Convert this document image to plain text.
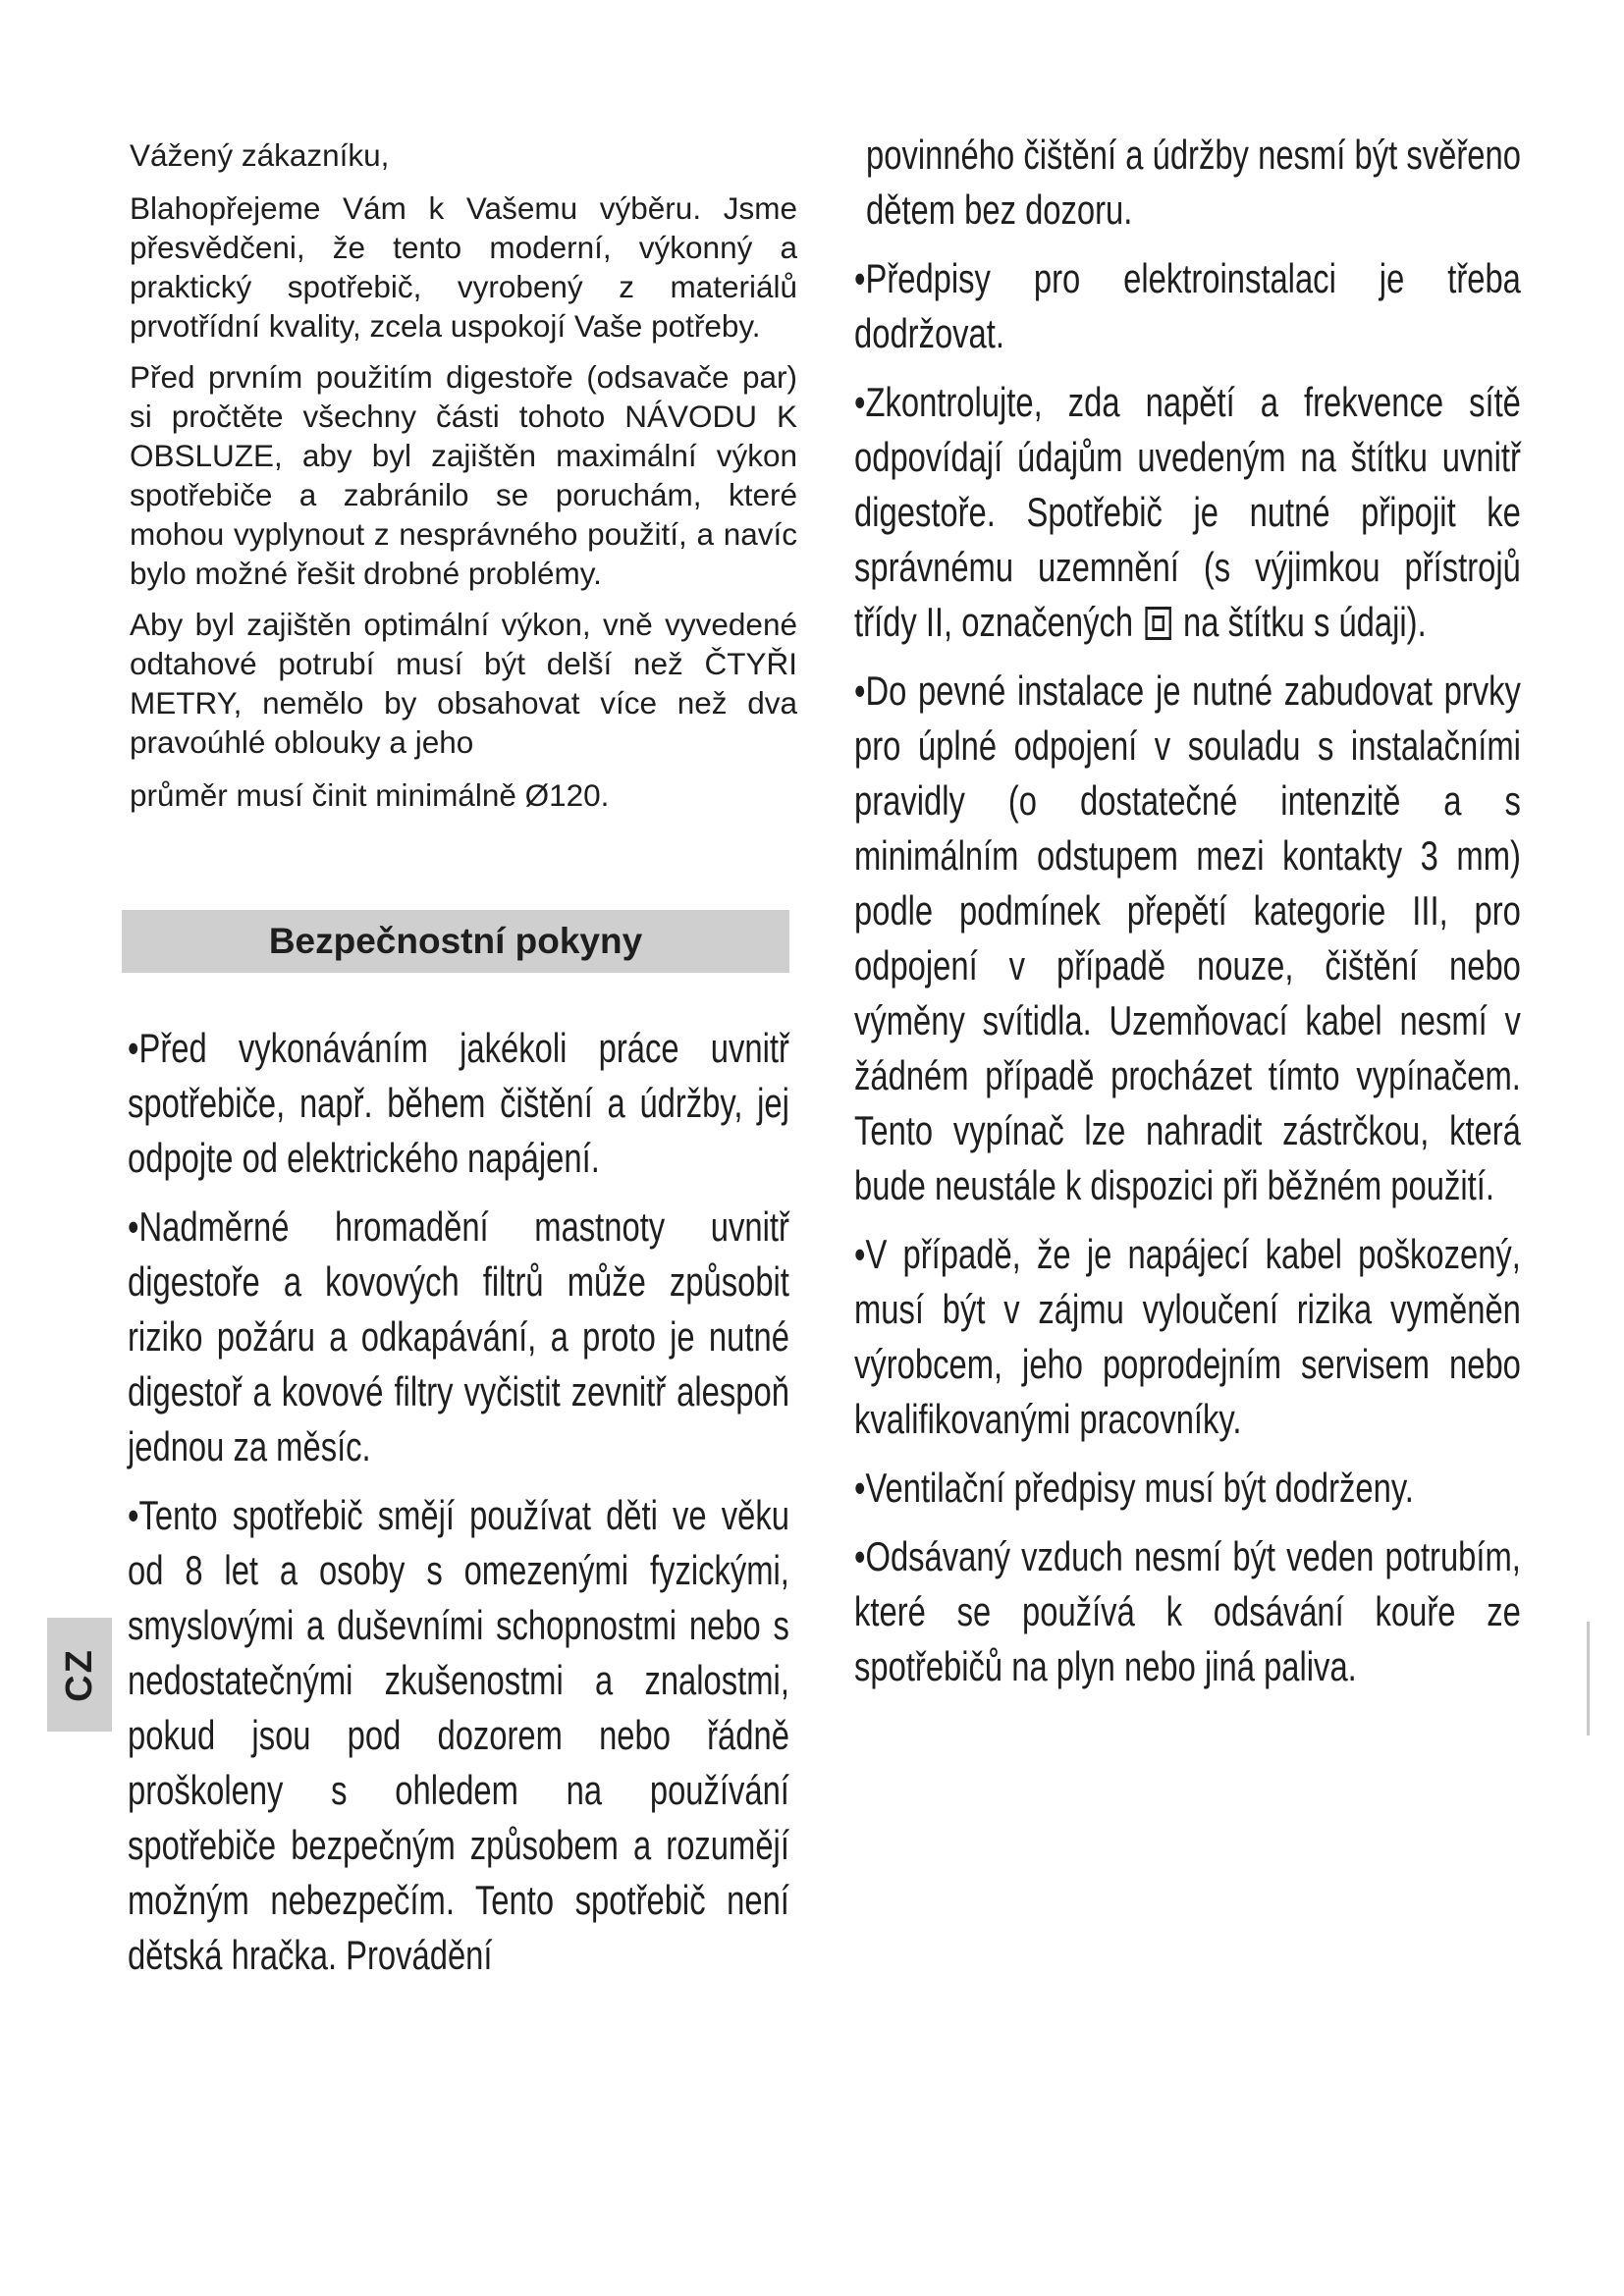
Vážený zákazníku,

Blahopřejeme Vám k Vašemu výběru. Jsme přesvědčeni, že tento moderní, výkonný a praktický spotřebič, vyrobený z materiálů prvotřídní kvality, zcela uspokojí Vaše potřeby.

Před prvním použitím digestoře (odsavače par) si pročtěte všechny části tohoto NÁVODU K OBSLUZE, aby byl zajištěn maximální výkon spotřebiče a zabránilo se poruchám, které mohou vyplynout z nesprávného použití, a navíc bylo možné řešit drobné problémy.

Aby byl zajištěn optimální výkon, vně vyvedené odtahové potrubí musí být delší než ČTYŘI METRY, nemělo by obsahovat více než dva pravoúhlé oblouky a jeho

průměr musí činit minimálně Ø120.

Bezpečnostní pokyny
•Před vykonáváním jakékoli práce uvnitř spotřebiče, např. během čištění a údržby, jej odpojte od elektrického napájení.
•Nadměrné hromadění mastnoty uvnitř digestoře a kovových filtrů může způsobit riziko požáru a odkapávání, a proto je nutné digestoř a kovové filtry vyčistit zevnitř alespoň jednou za měsíc.
•Tento spotřebič smějí používat děti ve věku od 8 let a osoby s omezenými fyzickými, smyslovými a duševními schopnostmi nebo s nedostatečnými zkušenostmi a znalostmi, pokud jsou pod dozorem nebo řádně proškoleny s ohledem na používání spotřebiče bezpečným způsobem a rozumějí možným nebezpečím. Tento spotřebič není dětská hračka. Provádění
povinného čištění a údržby nesmí být svěřeno dětem bez dozoru.
•Předpisy pro elektroinstalaci je třeba dodržovat.
•Zkontrolujte, zda napětí a frekvence sítě odpovídají údajům uvedeným na štítku uvnitř digestoře. Spotřebič je nutné připojit ke správnému uzemnění (s výjimkou přístrojů třídy II, označených na štítku s údaji).
•Do pevné instalace je nutné zabudovat prvky pro úplné odpojení v souladu s instalačními pravidly (o dostatečné intenzitě a s minimálním odstupem mezi kontakty 3 mm) podle podmínek přepětí kategorie III, pro odpojení v případě nouze, čištění nebo výměny svítidla. Uzemňovací kabel nesmí v žádném případě procházet tímto vypínačem. Tento vypínač lze nahradit zástrčkou, která bude neustále k dispozici při běžném použití.
•V případě, že je napájecí kabel poškozený, musí být v zájmu vyloučení rizika vyměněn výrobcem, jeho poprodejním servisem nebo kvalifikovanými pracovníky.
•Ventilační předpisy musí být dodrženy.
•Odsávaný vzduch nesmí být veden potrubím, které se používá k odsávání kouře ze spotřebičů na plyn nebo jiná paliva.
CZ
